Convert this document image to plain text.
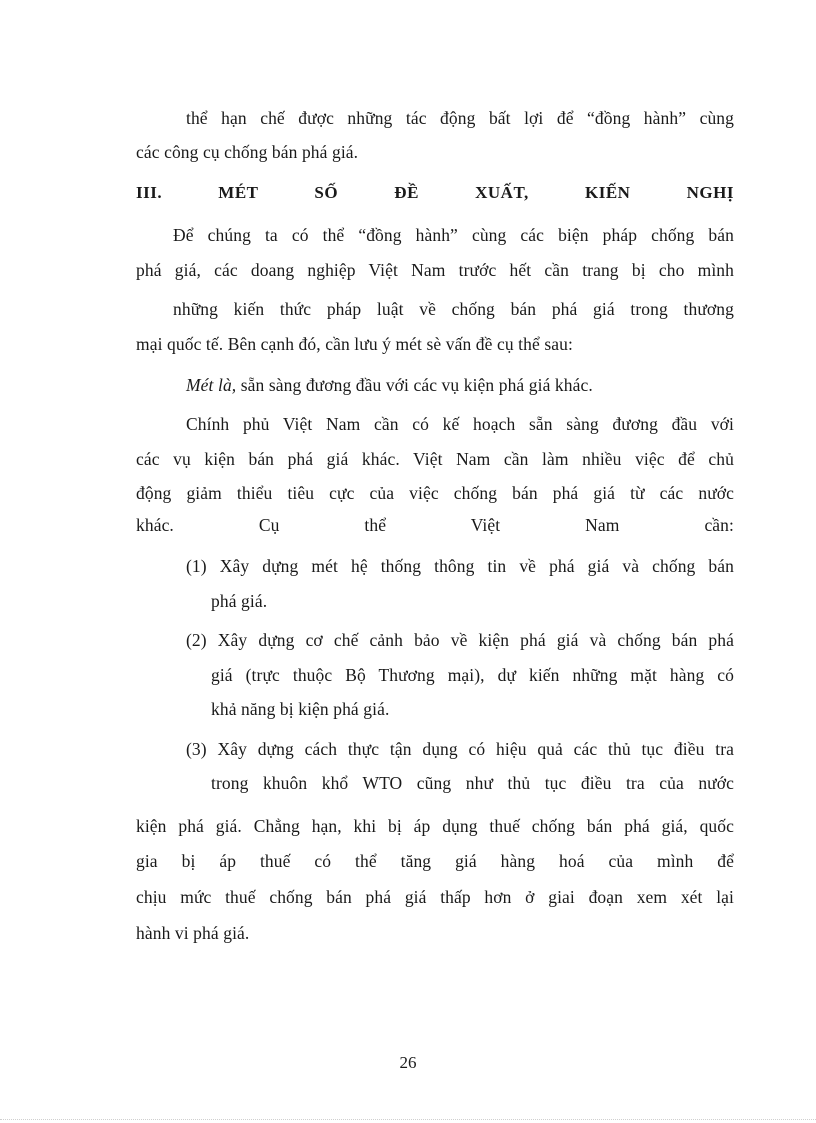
thể hạn chế được những tác động bất lợi để “đồng hành” cùng
các công cụ chống bán phá giá.
III. MÉT SỐ ĐỀ XUẤT, KIẾN NGHỊ
Để chúng ta có thể “đồng hành” cùng các biện pháp chống bán
phá giá, các doang nghiệp Việt Nam trước hết cần trang bị cho mình
những kiến thức pháp luật về chống bán phá giá trong thương
mại quốc tế. Bên cạnh đó, cần lưu ý mét sè vấn đề cụ thể sau:
Mét là, sẵn sàng đương đầu với các vụ kiện phá giá khác.
Chính phủ Việt Nam cần có kế hoạch sẵn sàng đương đầu với
các vụ kiện bán phá giá khác. Việt Nam cần làm nhiều việc để chủ
động giảm thiểu tiêu cực của việc chống bán phá giá từ các nước
khác. Cụ thể Việt Nam cần:
(1) Xây dựng mét hệ thống thông tin về phá giá và chống bán
phá giá.
(2) Xây dựng cơ chế cảnh bảo về kiện phá giá và chống bán phá
giá (trực thuộc Bộ Thương mại), dự kiến những mặt hàng có
khả năng bị kiện phá giá.
(3) Xây dựng cách thực tận dụng có hiệu quả các thủ tục điều tra
trong khuôn khổ WTO cũng như thủ tục điều tra của nước
kiện phá giá. Chẳng hạn, khi bị áp dụng thuế chống bán phá giá, quốc
gia bị áp thuế có thể tăng giá hàng hoá của mình để
chịu mức thuế chống bán phá giá thấp hơn ở giai đoạn xem xét lại
hành vi phá giá.
26
